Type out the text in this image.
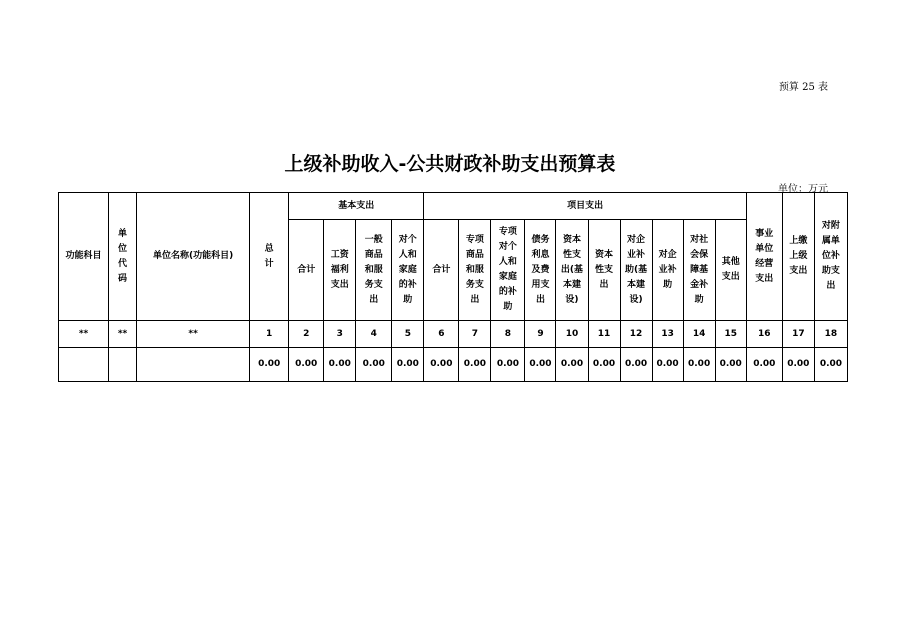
预算 25 表
上级补助收入-公共财政补助支出预算表
单位：万元
功能科目	单位代码	单位名称(功能科目)	总计	基本支出				项目支出										事业单位经营支出	上缴上级支出	对附属单位补助支出
				合计	工资福利支出	一般商品和服务支出	对个人和家庭的补助	合计	专项商品和服务支出	专项对个人和家庭的补助	债务利息及费用支出	资本性支出(基本建设)	资本性支出	对企业补助(基本建设)	对企业补助	对社会保障基金补助	其他支出			
**	**	**	1	2	3	4	5	6	7	8	9	10	11	12	13	14	15	16	17	18
			0.00	0.00	0.00	0.00	0.00	0.00	0.00	0.00	0.00	0.00	0.00	0.00	0.00	0.00	0.00	0.00	0.00	0.00
